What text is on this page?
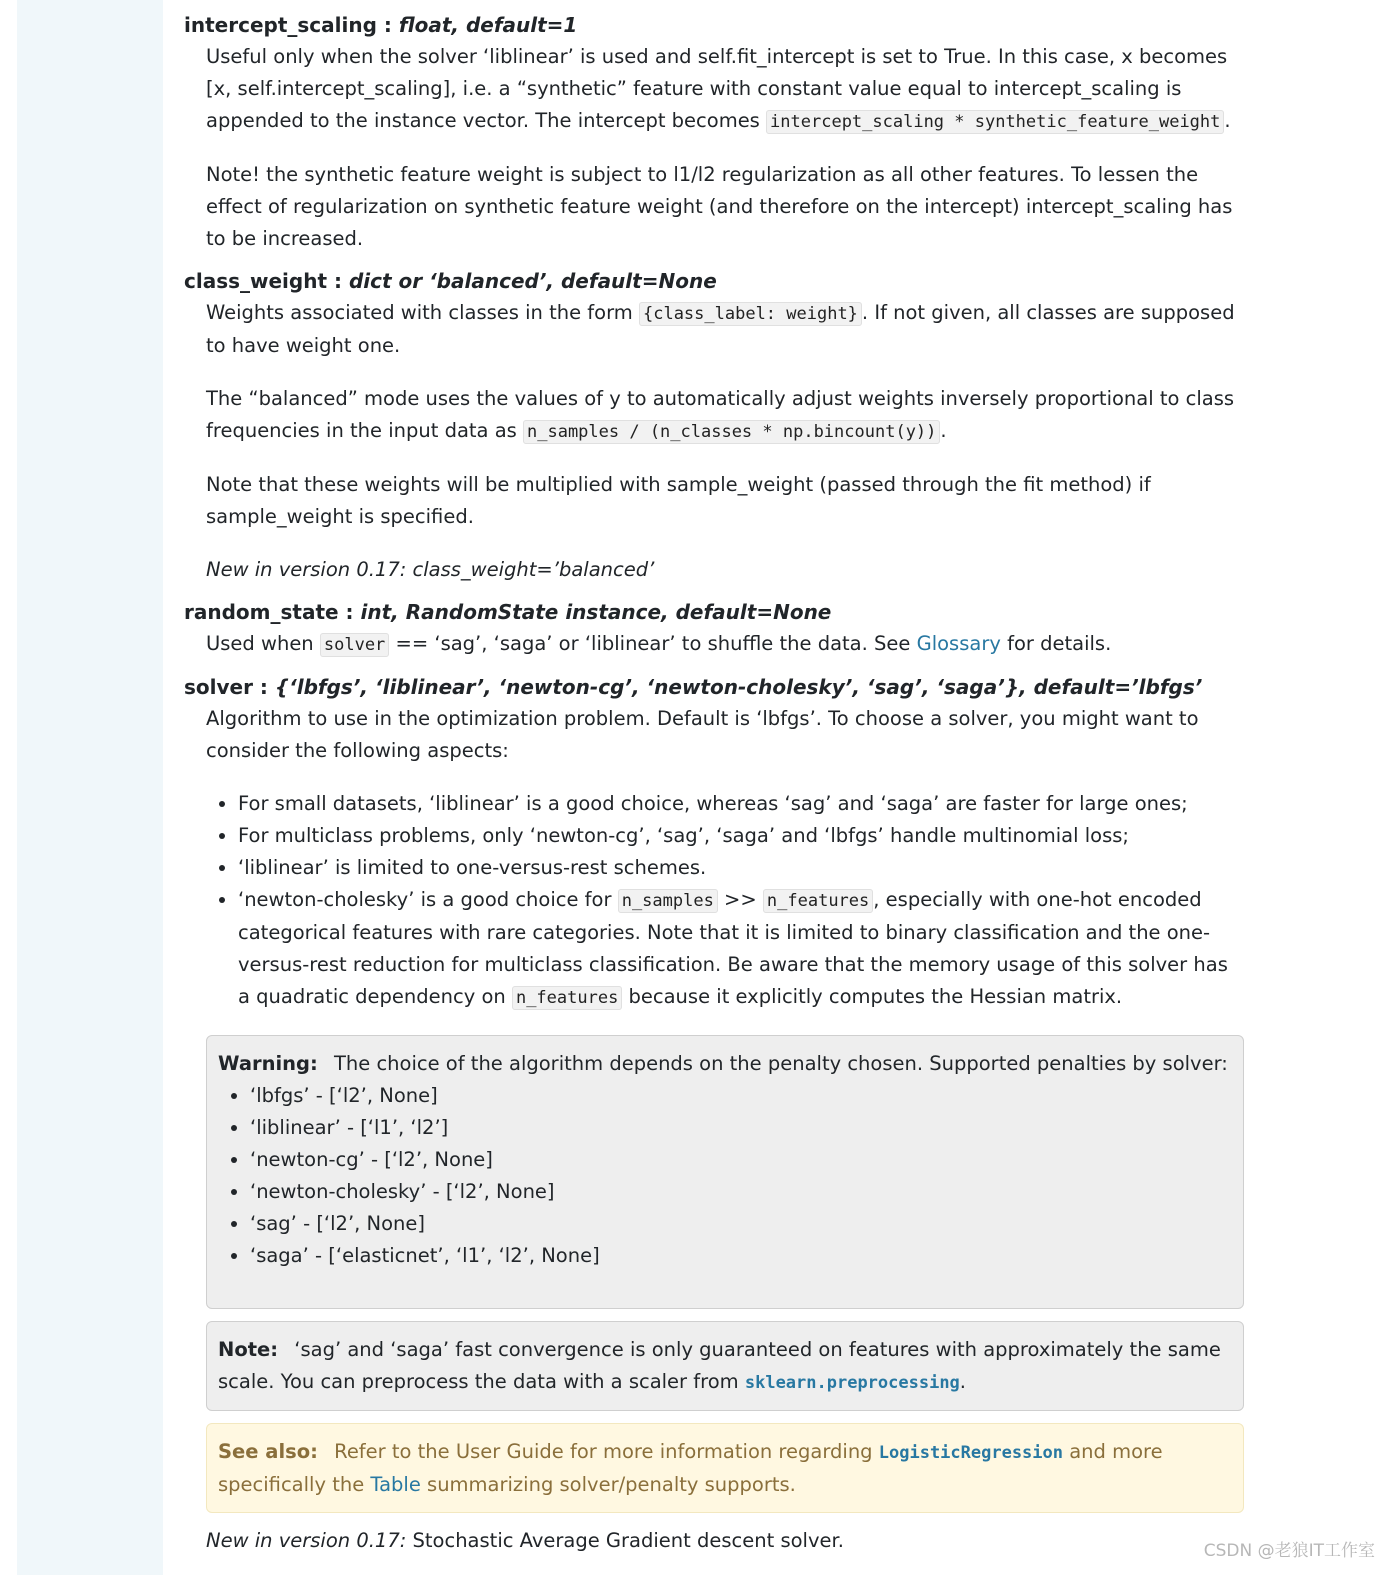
intercept_scaling : float, default=1

Useful only when the solver ‘liblinear’ is used and self.fit_intercept is set to True. In this case, x becomes [x, self.intercept_scaling], i.e. a “synthetic” feature with constant value equal to intercept_scaling is appended to the instance vector. The intercept becomes intercept_scaling * synthetic_feature_weight .

Note! the synthetic feature weight is subject to l1/l2 regularization as all other features. To lessen the effect of regularization on synthetic feature weight (and therefore on the intercept) intercept_scaling has to be increased.

class_weight : dict or ‘balanced’, default=None

Weights associated with classes in the form {class_label: weight} . If not given, all classes are supposed to have weight one.

The “balanced” mode uses the values of y to automatically adjust weights inversely proportional to class frequencies in the input data as n_samples / (n_classes * np.bincount(y)) .

Note that these weights will be multiplied with sample_weight (passed through the fit method) if sample_weight is specified.

New in version 0.17: class_weight=’balanced’

random_state : int, RandomState instance, default=None

Used when solver == ‘sag’, ‘saga’ or ‘liblinear’ to shuffle the data. See Glossary for details.

solver : {‘lbfgs’, ‘liblinear’, ‘newton-cg’, ‘newton-cholesky’, ‘sag’, ‘saga’}, default=’lbfgs’

Algorithm to use in the optimization problem. Default is ‘lbfgs’. To choose a solver, you might want to consider the following aspects:

• For small datasets, ‘liblinear’ is a good choice, whereas ‘sag’ and ‘saga’ are faster for large ones;
• For multiclass problems, only ‘newton-cg’, ‘sag’, ‘saga’ and ‘lbfgs’ handle multinomial loss;
• ‘liblinear’ is limited to one-versus-rest schemes.
• ‘newton-cholesky’ is a good choice for n_samples >> n_features , especially with one-hot encoded categorical features with rare categories. Note that it is limited to binary classification and the one-versus-rest reduction for multiclass classification. Be aware that the memory usage of this solver has a quadratic dependency on n_features because it explicitly computes the Hessian matrix.
Warning: The choice of the algorithm depends on the penalty chosen. Supported penalties by solver:
• ‘lbfgs’ - [‘l2’, None]
• ‘liblinear’ - [‘l1’, ‘l2’]
• ‘newton-cg’ - [‘l2’, None]
• ‘newton-cholesky’ - [‘l2’, None]
• ‘sag’ - [‘l2’, None]
• ‘saga’ - [‘elasticnet’, ‘l1’, ‘l2’, None]
Note: ‘sag’ and ‘saga’ fast convergence is only guaranteed on features with approximately the same scale. You can preprocess the data with a scaler from sklearn.preprocessing.
See also: Refer to the User Guide for more information regarding LogisticRegression and more specifically the Table summarizing solver/penalty supports.

New in version 0.17: Stochastic Average Gradient descent solver.	CSDN @老狼IT工作室
